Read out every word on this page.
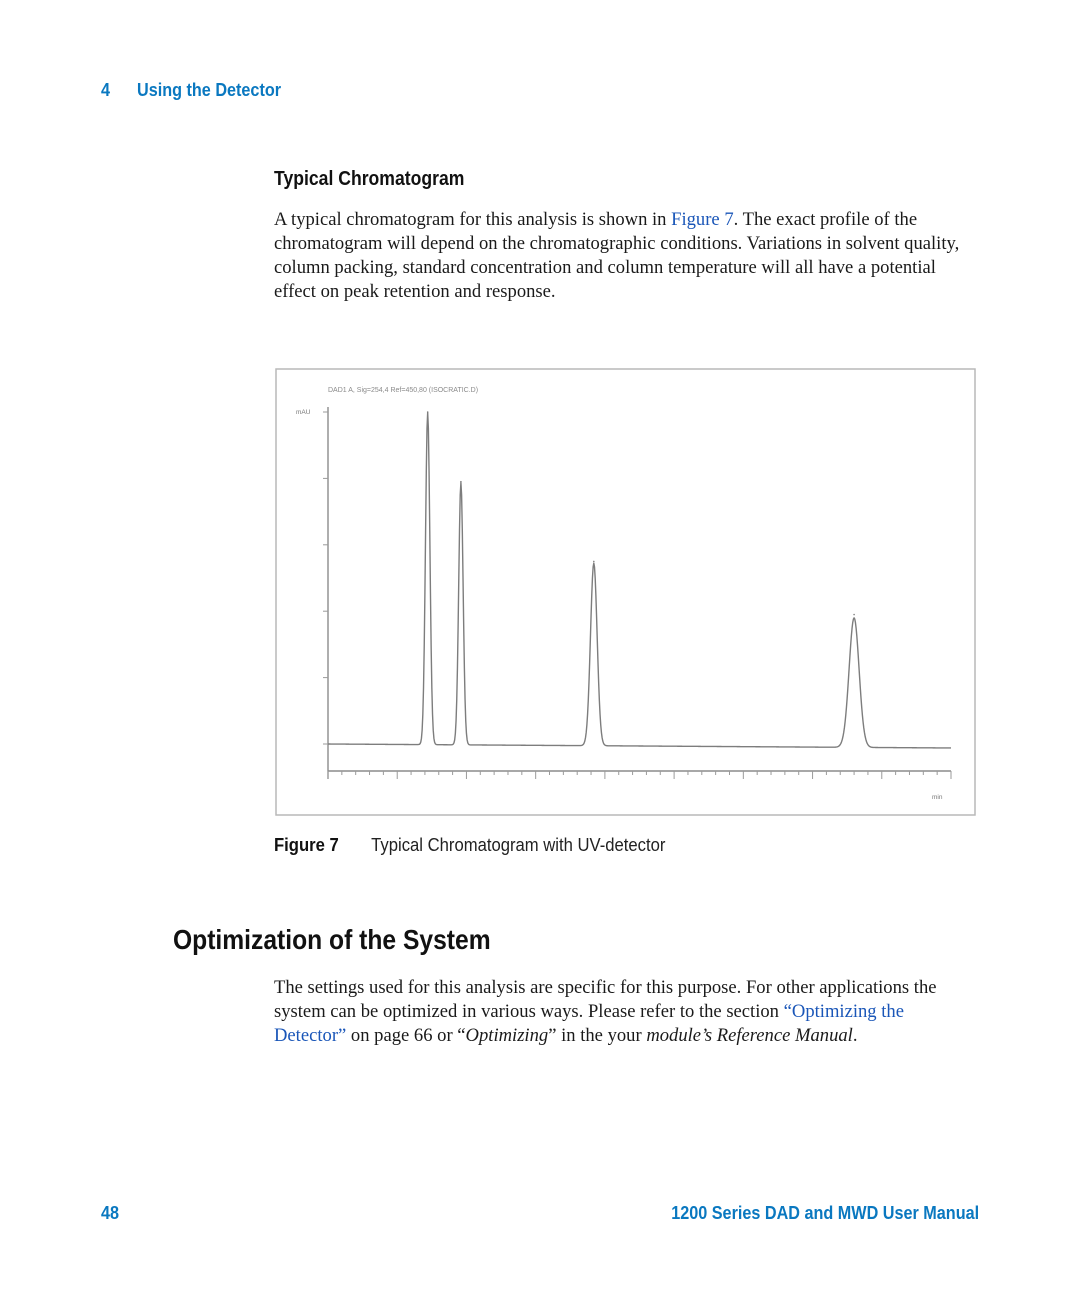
4 Using the Detector
Typical Chromatogram

A typical chromatogram for this analysis is shown in Figure 7. The exact profile of the chromatogram will depend on the chromatographic conditions. Variations in solvent quality, column packing, standard concentration and column temperature will all have a potential effect on peak retention and response.

DAD1 A, Sig=254,4 Ref=450,80 (ISOCRATIC.D)
mAU
min
Figure 7 Typical Chromatogram with UV-detector
Optimization of the System

The settings used for this analysis are specific for this purpose. For other applications the system can be optimized in various ways. Please refer to the section “Optimizing the Detector” on page 66 or “Optimizing” in the your module’s Reference Manual.

48	1200 Series DAD and MWD User Manual
